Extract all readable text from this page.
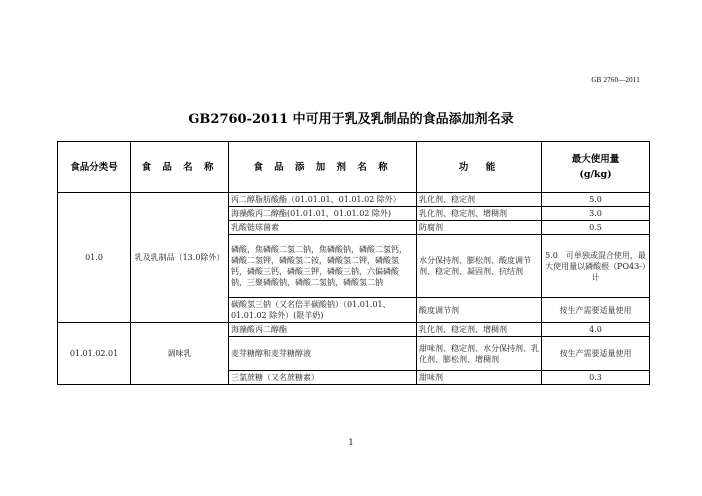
GB 2760—2011
GB2760-2011 中可用于乳及乳制品的食品添加剂名录
食品分类号	食 品 名 称	食 品 添 加 剂 名 称	功　能	最大使用量
(g/kg)

01.0	乳及乳制品（13.0除外）	丙二醇脂肪酸酯（01.01.01、01.01.02 除外）	乳化剂、稳定剂	5.0
		海藻酸丙二醇酯(01.01.01、01.01.02 除外)	乳化剂、稳定剂、增稠剂	3.0
		乳酸链球菌素	防腐剂	0.5
		磷酸，焦磷酸二氢二钠，焦磷酸钠，磷酸二氢钙，磷酸二氢钾，磷酸氢二铵，磷酸氢二钾，磷酸氢钙，磷酸三钙，磷酸三钾，磷酸三钠，六偏磷酸钠，三聚磷酸钠，磷酸二氢钠，磷酸氢二钠	水分保持剂、膨松剂、酸度调节剂、稳定剂、凝固剂、抗结剂	5.0　可单独或混合使用，最大使用量以磷酸根（PO43-）计
		碳酸氢三钠（又名倍半碳酸钠）（01.01.01、01.01.02 除外）(限羊奶)	酸度调节剂	按生产需要适量使用
01.01.02.01	调味乳	海藻酸丙二醇酯	乳化剂、稳定剂、增稠剂	4.0
		麦芽糖醇和麦芽糖醇液	甜味剂、稳定剂、水分保持剂、乳化剂、膨松剂、增稠剂	按生产需要适量使用
		三氯蔗糖（又名蔗糖素）	甜味剂	0.3
1
